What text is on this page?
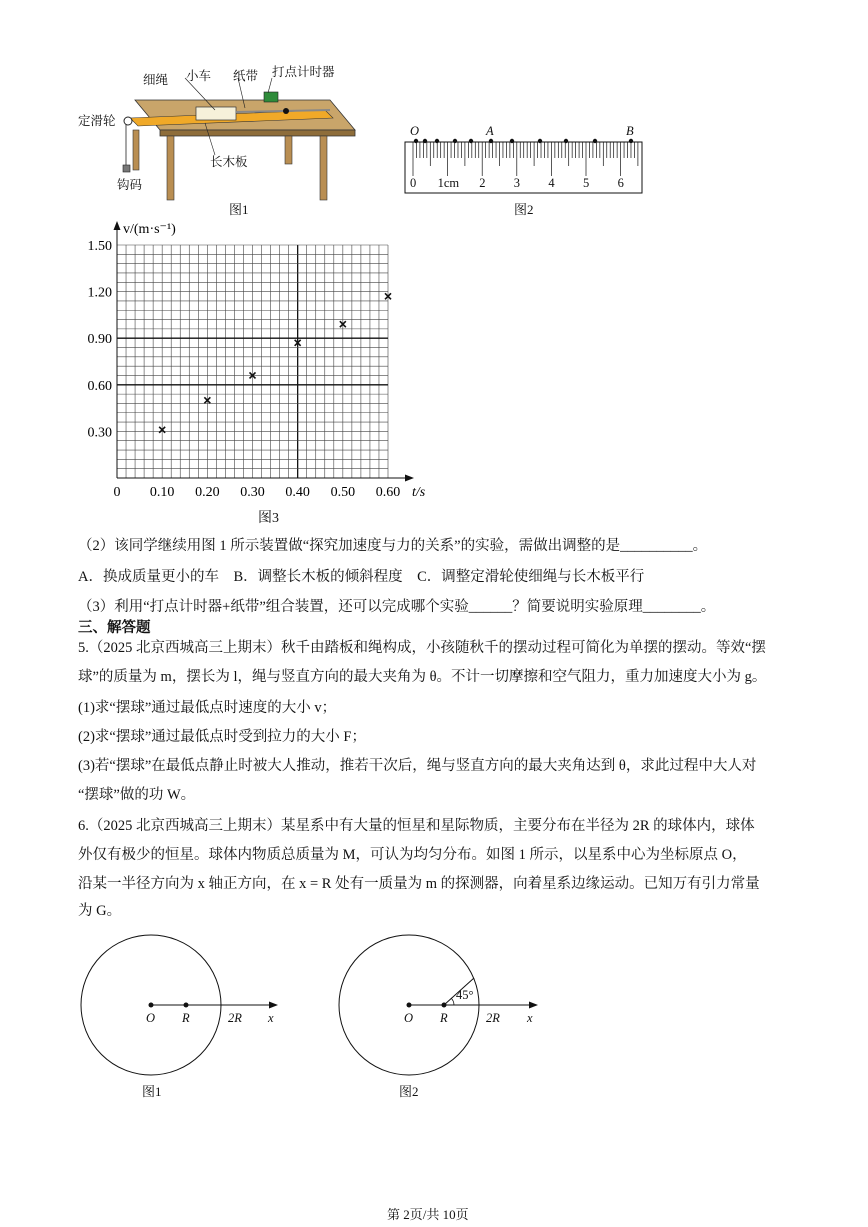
细绳 小车 纸带 打点计时器
定滑轮
长木板
钩码
图1
O	A	B
0 1cm 2 3 4 5 6
图2
0 0.10 0.20 0.30 0.40 0.50 0.60
0.30
0.60
0.90
1.20
1.50
t/s
v/(m·s⁻¹)
图3
（2）该同学继续用图 1 所示装置做“探究加速度与力的关系”的实验，需做出调整的是__________。
A．换成质量更小的车　B．调整长木板的倾斜程度　C．调整定滑轮使细绳与长木板平行
（3）利用“打点计时器+纸带”组合装置，还可以完成哪个实验______？简要说明实验原理________。
三、解答题
5.（2025 北京西城高三上期末）秋千由踏板和绳构成，小孩随秋千的摆动过程可简化为单摆的摆动。等效“摆
球”的质量为 m，摆长为 l，绳与竖直方向的最大夹角为 θ。不计一切摩擦和空气阻力，重力加速度大小为 g。
(1)求“摆球”通过最低点时速度的大小 v；
(2)求“摆球”通过最低点时受到拉力的大小 F；
(3)若“摆球”在最低点静止时被大人推动，推若干次后，绳与竖直方向的最大夹角达到 θ，求此过程中大人对
“摆球”做的功 W。
6.（2025 北京西城高三上期末）某星系中有大量的恒星和星际物质，主要分布在半径为 2R 的球体内，球体
外仅有极少的恒星。球体内物质总质量为 M，可认为均匀分布。如图 1 所示，以星系中心为坐标原点 O，
沿某一半径方向为 x 轴正方向，在 x = R 处有一质量为 m 的探测器，向着星系边缘运动。已知万有引力常量
为 G。
O R	2R x
图1
O R	2R x
45°
图2
第 2页/共 10页
